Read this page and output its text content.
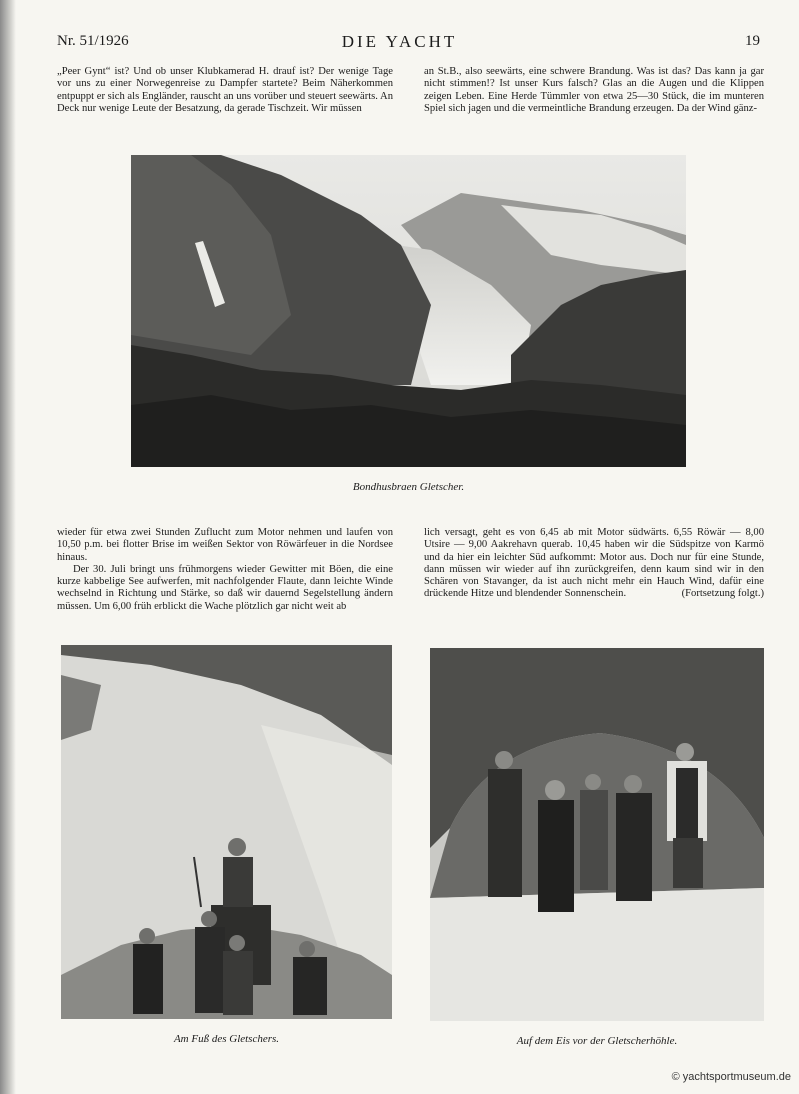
Nr. 51/1926	DIE YACHT	19

„Peer Gynt“ ist? Und ob unser Klubkamerad H. drauf ist? Der wenige Tage vor uns zu einer Norwegenreise zu Dampfer startete? Beim Näherkommen entpuppt er sich als Engländer, rauscht an uns vorüber und steuert seewärts. An Deck nur wenige Leute der Besatzung, da gerade Tischzeit. Wir müssen

an St.B., also seewärts, eine schwere Brandung. Was ist das? Das kann ja gar nicht stimmen!? Ist unser Kurs falsch? Glas an die Augen und die Klippen zeigen Leben. Eine Herde Tümmler von etwa 25—30 Stück, die im munteren Spiel sich jagen und die vermeintliche Brandung erzeugen. Da der Wind gänz-

Bondhusbraen Gletscher.

wieder für etwa zwei Stunden Zuflucht zum Motor nehmen und laufen von 10,50 p.m. bei flotter Brise im weißen Sektor von Röwärfeuer in die Nordsee hinaus.

Der 30. Juli bringt uns frühmorgens wieder Gewitter mit Böen, die eine kurze kabbelige See aufwerfen, mit nachfolgender Flaute, dann leichte Winde wechselnd in Richtung und Stärke, so daß wir dauernd Segelstellung ändern müssen. Um 6,00 früh erblickt die Wache plötzlich gar nicht weit ab

lich versagt, geht es von 6,45 ab mit Motor südwärts. 6,55 Röwär — 8,00 Utsire — 9,00 Aakrehavn querab. 10,45 haben wir die Südspitze von Karmö und da hier ein leichter Süd aufkommt: Motor aus. Doch nur für eine Stunde, dann müssen wir wieder auf ihn zurückgreifen, denn kaum sind wir in den Schären von Stavanger, da ist auch nicht mehr ein Hauch Wind, dafür eine drückende Hitze und blendender Sonnenschein.	(Fortsetzung folgt.)

Am Fuß des Gletschers.	Auf dem Eis vor der Gletscherhöhle.
© yachtsportmuseum.de
